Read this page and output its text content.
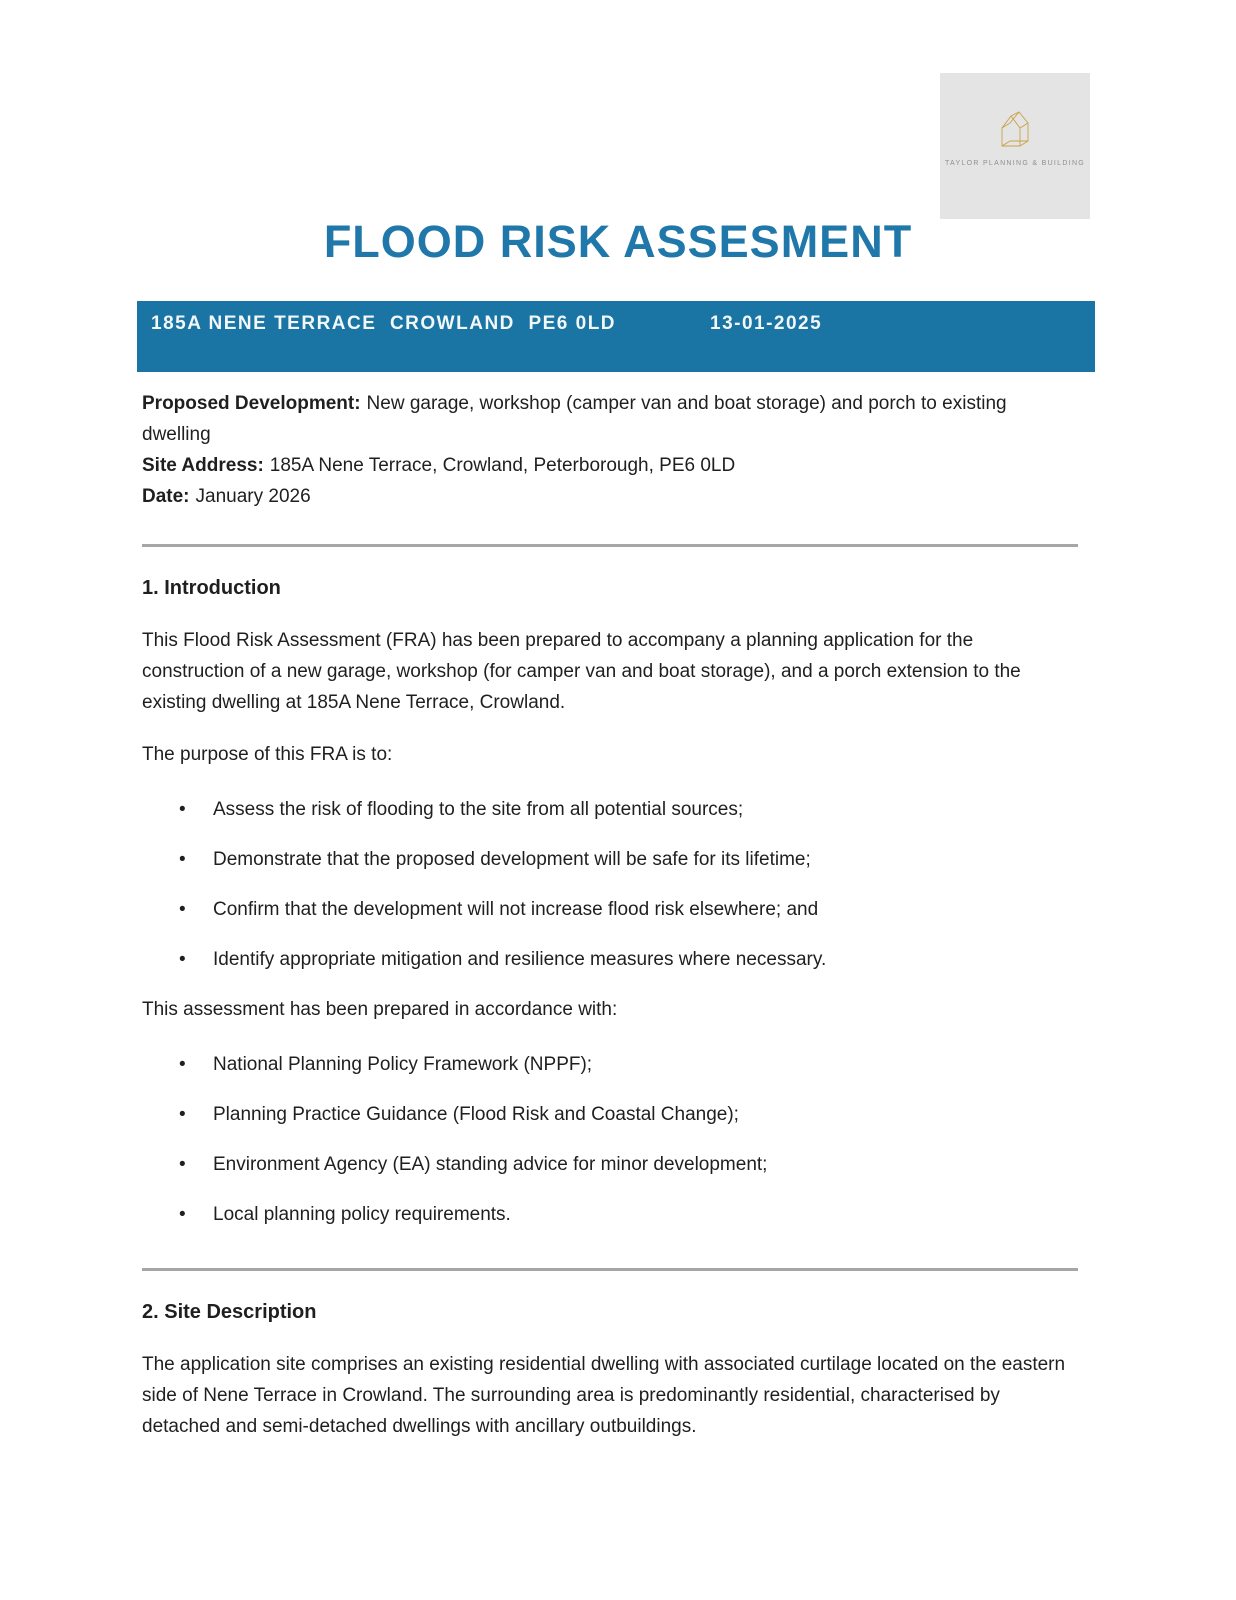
TAYLOR PLANNING & BUILDING
FLOOD RISK ASSESMENT
185A NENE TERRACE  CROWLAND  PE6 0LD	13-01-2025
Proposed Development: New garage, workshop (camper van and boat storage) and porch to existing dwelling
Site Address: 185A Nene Terrace, Crowland, Peterborough, PE6 0LD
Date: January 2026
1. Introduction

This Flood Risk Assessment (FRA) has been prepared to accompany a planning application for the construction of a new garage, workshop (for camper van and boat storage), and a porch extension to the existing dwelling at 185A Nene Terrace, Crowland.

The purpose of this FRA is to:

• Assess the risk of flooding to the site from all potential sources;
• Demonstrate that the proposed development will be safe for its lifetime;
• Confirm that the development will not increase flood risk elsewhere; and
• Identify appropriate mitigation and resilience measures where necessary.

This assessment has been prepared in accordance with:

• National Planning Policy Framework (NPPF);
• Planning Practice Guidance (Flood Risk and Coastal Change);
• Environment Agency (EA) standing advice for minor development;
• Local planning policy requirements.
2. Site Description

The application site comprises an existing residential dwelling with associated curtilage located on the eastern side of Nene Terrace in Crowland. The surrounding area is predominantly residential, characterised by detached and semi-detached dwellings with ancillary outbuildings.
